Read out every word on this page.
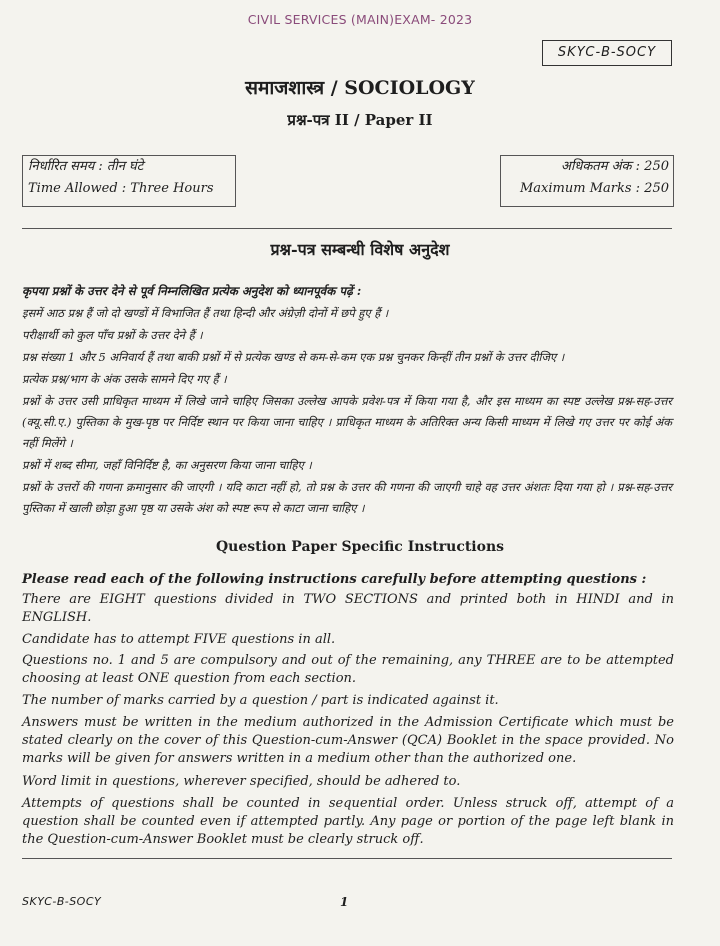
CIVIL SERVICES (MAIN)EXAM- 2023
SKYC-B-SOCY
समाजशास्त्र / SOCIOLOGY
प्रश्न-पत्र II / Paper II
निर्धारित समय : तीन घंटे
Time Allowed : Three Hours
अधिकतम अंक : 250
Maximum Marks : 250
प्रश्न-पत्र सम्बन्धी विशेष अनुदेश
कृपया प्रश्नों के उत्तर देने से पूर्व निम्नलिखित प्रत्येक अनुदेश को ध्यानपूर्वक पढ़ें :
इसमें आठ प्रश्न हैं जो दो खण्डों में विभाजित हैं तथा हिन्दी और अंग्रेज़ी दोनों में छपे हुए हैं ।
परीक्षार्थी को कुल पाँच प्रश्नों के उत्तर देने हैं ।
प्रश्न संख्या 1 और 5 अनिवार्य हैं तथा बाकी प्रश्नों में से प्रत्येक खण्ड से कम-से-कम एक प्रश्न चुनकर किन्हीं तीन प्रश्नों के उत्तर दीजिए ।
प्रत्येक प्रश्न/भाग के अंक उसके सामने दिए गए हैं ।
प्रश्नों के उत्तर उसी प्राधिकृत माध्यम में लिखे जाने चाहिए जिसका उल्लेख आपके प्रवेश-पत्र में किया गया है, और इस माध्यम का स्पष्ट उल्लेख प्रश्न-सह-उत्तर (क्यू.सी.ए.) पुस्तिका के मुख-पृष्ठ पर निर्दिष्ट स्थान पर किया जाना चाहिए । प्राधिकृत माध्यम के अतिरिक्त अन्य किसी माध्यम में लिखे गए उत्तर पर कोई अंक नहीं मिलेंगे ।
प्रश्नों में शब्द सीमा, जहाँ विनिर्दिष्ट है, का अनुसरण किया जाना चाहिए ।
प्रश्नों के उत्तरों की गणना क्रमानुसार की जाएगी । यदि काटा नहीं हो, तो प्रश्न के उत्तर की गणना की जाएगी चाहे वह उत्तर अंशतः दिया गया हो । प्रश्न-सह-उत्तर पुस्तिका में खाली छोड़ा हुआ पृष्ठ या उसके अंश को स्पष्ट रूप से काटा जाना चाहिए ।
Question Paper Specific Instructions
Please read each of the following instructions carefully before attempting questions :
There are EIGHT questions divided in TWO SECTIONS and printed both in HINDI and in ENGLISH.
Candidate has to attempt FIVE questions in all.
Questions no. 1 and 5 are compulsory and out of the remaining, any THREE are to be attempted choosing at least ONE question from each section.
The number of marks carried by a question / part is indicated against it.
Answers must be written in the medium authorized in the Admission Certificate which must be stated clearly on the cover of this Question-cum-Answer (QCA) Booklet in the space provided. No marks will be given for answers written in a medium other than the authorized one.
Word limit in questions, wherever specified, should be adhered to.
Attempts of questions shall be counted in sequential order. Unless struck off, attempt of a question shall be counted even if attempted partly. Any page or portion of the page left blank in the Question-cum-Answer Booklet must be clearly struck off.
SKYC-B-SOCY	1
